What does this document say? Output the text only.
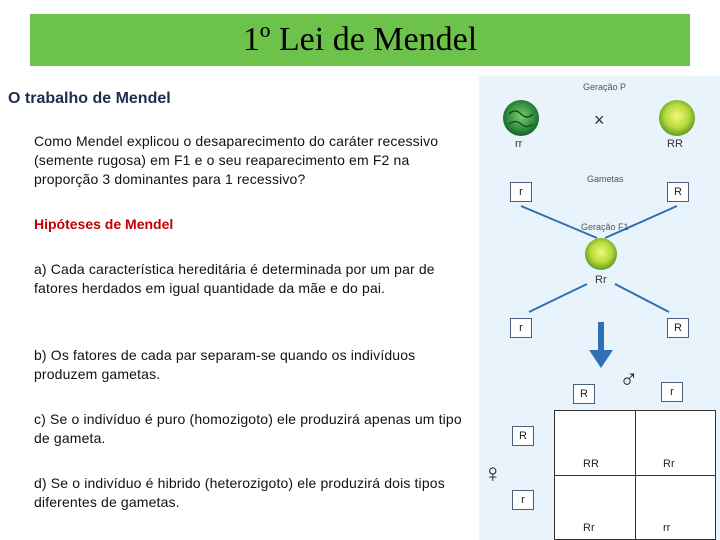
1º Lei de Mendel
O trabalho de Mendel
Como Mendel explicou o desaparecimento do caráter recessivo (semente rugosa) em F1 e o seu reaparecimento em F2 na proporção 3 dominantes para 1 recessivo?
Hipóteses de Mendel
a) Cada característica hereditária é determinada por um par de fatores herdados em igual quantidade da mãe e do pai.
b) Os fatores de cada par separam-se quando os indivíduos produzem gametas.
c) Se o indivíduo é puro (homozigoto) ele produzirá apenas um tipo de gameta.
d) Se o indivíduo é hibrido (heterozigoto) ele produzirá dois tipos diferentes de gametas.
Geração P
×
rr	RR
Gametas
r	R
Geração F1
Rr
r	R
♂
R	r
♀
R
r
RR	Rr
Rr	rr
